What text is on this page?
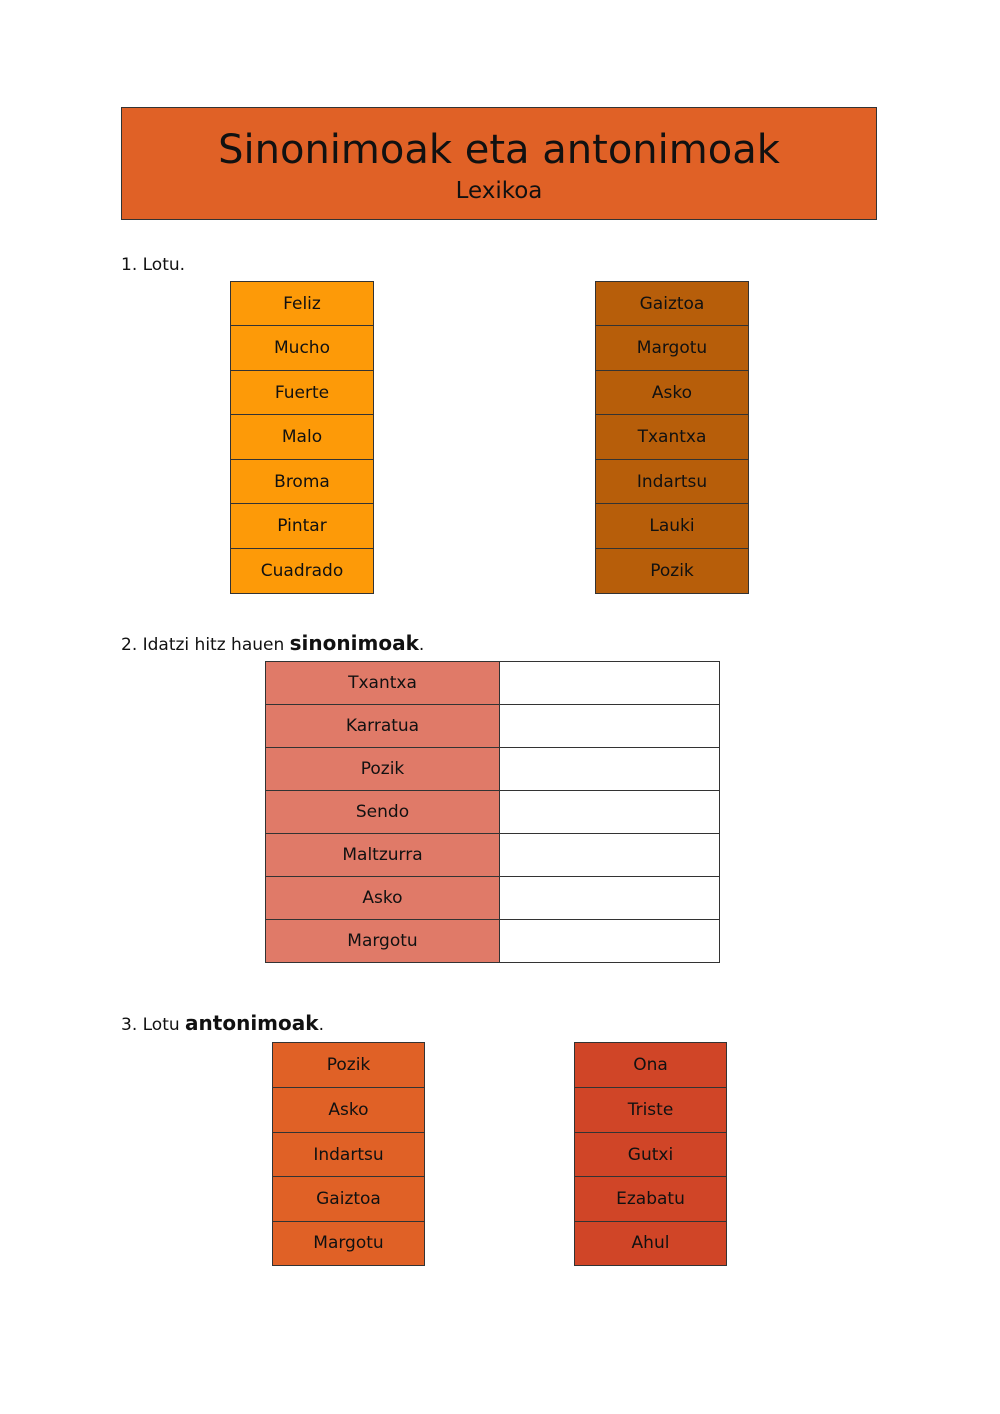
Sinonimoak eta antonimoak
Lexikoa
1. Lotu.
Feliz
Mucho
Fuerte
Malo
Broma
Pintar
Cuadrado
Gaiztoa
Margotu
Asko
Txantxa
Indartsu
Lauki
Pozik
2. Idatzi hitz hauen sinonimoak.
Txantxa	
Karratua	
Pozik	
Sendo	
Maltzurra	
Asko	
Margotu	
3. Lotu antonimoak.
Pozik
Asko
Indartsu
Gaiztoa
Margotu
Ona
Triste
Gutxi
Ezabatu
Ahul
